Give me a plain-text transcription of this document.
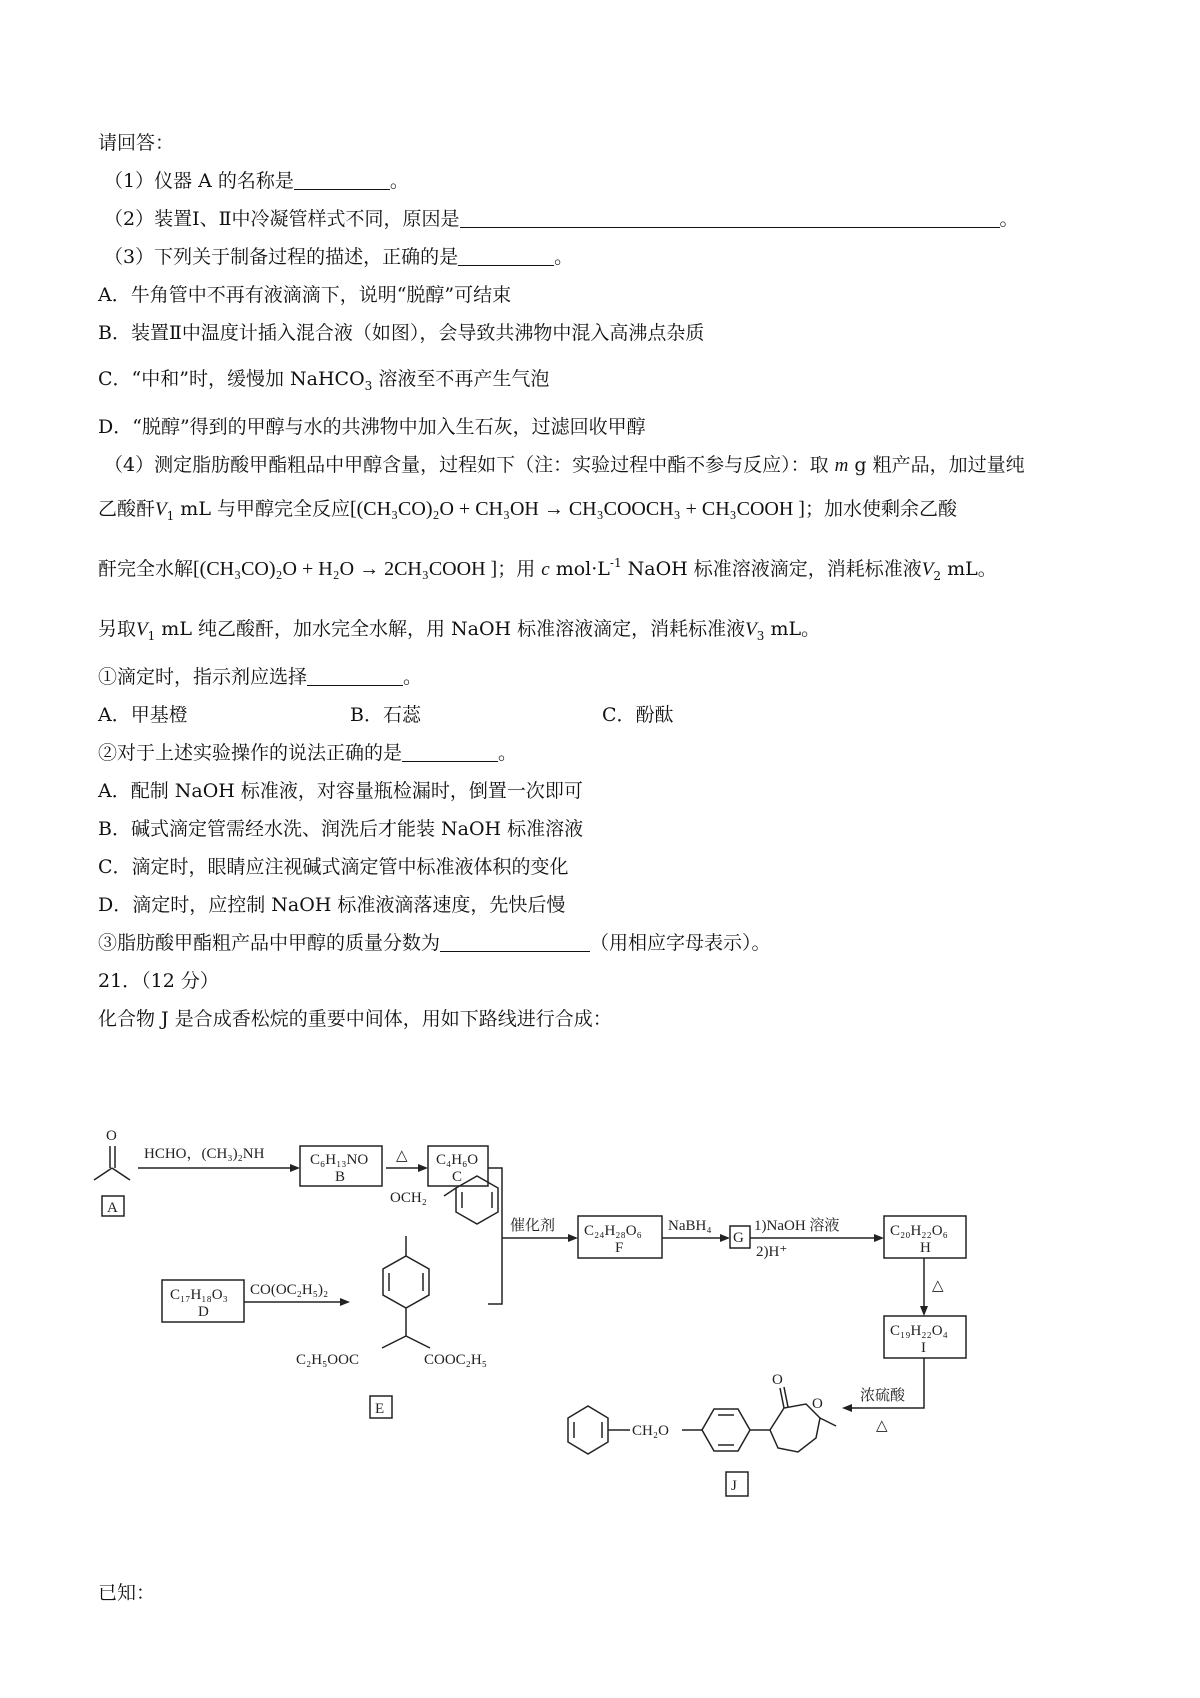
请回答：
（1）仪器 A 的名称是	。
（2）装置Ⅰ、Ⅱ中冷凝管样式不同，原因是	。
（3）下列关于制备过程的描述，正确的是	。
A．牛角管中不再有液滴滴下，说明“脱醇”可结束
B．装置Ⅱ中温度计插入混合液（如图），会导致共沸物中混入高沸点杂质
C．“中和”时，缓慢加 NaHCO$_3$ 溶液至不再产生气泡
D．“脱醇”得到的甲醇与水的共沸物中加入生石灰，过滤回收甲醇
（4）测定脂肪酸甲酯粗品中甲醇含量，过程如下（注：实验过程中酯不参与反应）：取 m g 粗产品，加过量纯
乙酸酐$V_1$ mL 与甲醇完全反应[(CH₃CO)₂O + CH₃OH → CH₃COOCH₃ + CH₃COOH ]；加水使剩余乙酸
酐完全水解[(CH₃CO)₂O + H₂O → 2CH₃COOH ]；用 c $mol\cdot L^{-1}$ NaOH 标准溶液滴定，消耗标准液$V_2$ mL。
另取$V_1$ mL 纯乙酸酐，加水完全水解，用 NaOH 标准溶液滴定，消耗标准液$V_3$ mL。
①滴定时，指示剂应选择	。
A．甲基橙	B．石蕊	C．酚酞
②对于上述实验操作的说法正确的是	。
A．配制 NaOH 标准液，对容量瓶检漏时，倒置一次即可
B．碱式滴定管需经水洗、润洗后才能装 NaOH 标准溶液
C．滴定时，眼睛应注视碱式滴定管中标准液体积的变化
D．滴定时，应控制 NaOH 标准液滴落速度，先快后慢
③脂肪酸甲酯粗产品中甲醇的质量分数为	（用相应字母表示）。
21．（12 分）
化合物 J 是合成香松烷的重要中间体，用如下路线进行合成：
O
A
HCHO，(CH₃)₂NH	C₆H₁₃NO
B
△ C₄H₆O
C
催化剂 C₂₄H₂₈O₆
F
NaBH₄
G
1)NaOH 溶液
2)H⁺
C₂₀H₂₂O₆
H
△
C₁₉H₂₂O₄
I
C₁₇H₁₈O₃
D
CO(OC₂H₅)₂
OCH₂
C₂H₅OOC	COOC₂H₅
E
浓硫酸
△
CH₂O
O
O
J
已知：
